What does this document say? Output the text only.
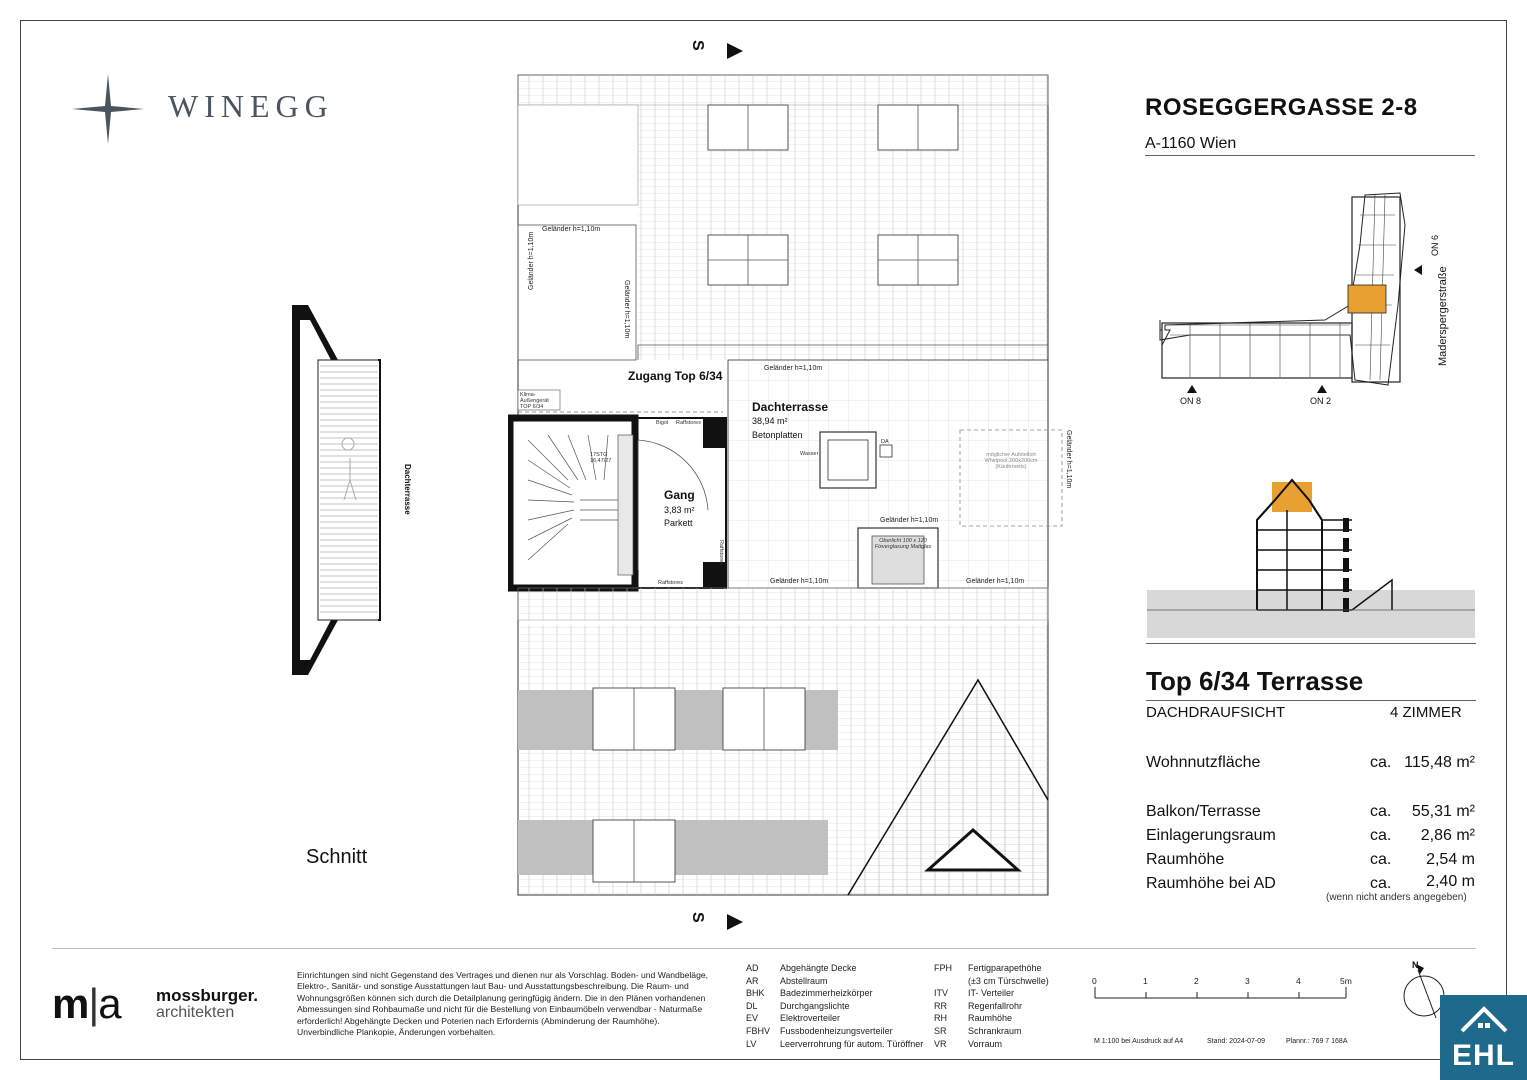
WINEGG	ROSEGGERGASSE 2-8
A-1160 Wien
ON 6
ON 8	ON 2
Maderspergerstraße
Top 6/34 Terrasse
DACHDRAUFSICHT	4 ZIMMER
Wohnnutzfläche	ca. 115,48 m²
Balkon/Terrasse	ca. 55,31 m²
Einlagerungsraum	ca. 2,86 m²
Raumhöhe	ca. 2,54 m
Raumhöhe bei AD	ca. 2,40 m
(wenn nicht anders angegeben)
Dachterrasse
Schnitt
S
S
Zugang Top 6/34
Dachterrasse
38,94 m²
Betonplatten
Gang
3,83 m²
Parkett
Geländer h=1,10m
Geländer h=1,10m
Geländer h=1,10m
Geländer h=1,10m	Geländer h=1,10m
Geländer h=1,10m
Geländer h=1,10m
Geländer h=1,10m
Klima-Außengerät TOP 6/34
Bigol Raffstores
Raffstores
Raffstores
17STG 16,47/27
Wasser
DA
möglicher Aufstellort Whirlpool 200x200cm (Käuferseits)
Oberlicht 100 x 120 Fixverglasung Mattglas
m|a mossburger.
architekten
Einrichtungen sind nicht Gegenstand des Vertrages und dienen nur als Vorschlag. Boden- und Wandbeläge, Elektro-, Sanitär- und sonstige Ausstattungen laut Bau- und Ausstattungsbeschreibung. Die Raum- und Wohnungsgrößen können sich durch die Detailplanung geringfügig ändern. Die in den Plänen vorhandenen Abmessungen sind Rohbaumaße und nicht für die Bestellung von Einbaumöbeln verwendbar - Naturmaße erforderlich! Abgehängte Decken und Poterien nach Erfordernis (Abminderung der Raumhöhe). Unverbindliche Plankopie, Änderungen vorbehalten.
AD Abgehängte Decke
AR Abstellraum
BHK Badezimmerheizkörper
DL Durchgangslichte
EV Elektroverteiler
FBHV Fussbodenheizungsverteiler
LV	Leerverrohrung für autom. Türöffner
FPH Fertigparapethöhe
(±3 cm Türschwelle)
ITV IT- Verteiler
RR Regenfallrohr
RH Raumhöhe
SR Schrankraum
VR Vorraum
0	1	2	3	4	5m
M 1:100 bei Ausdruck auf A4	Stand: 2024-07-09	Plannr.: 769 7 168A
N
EHL
